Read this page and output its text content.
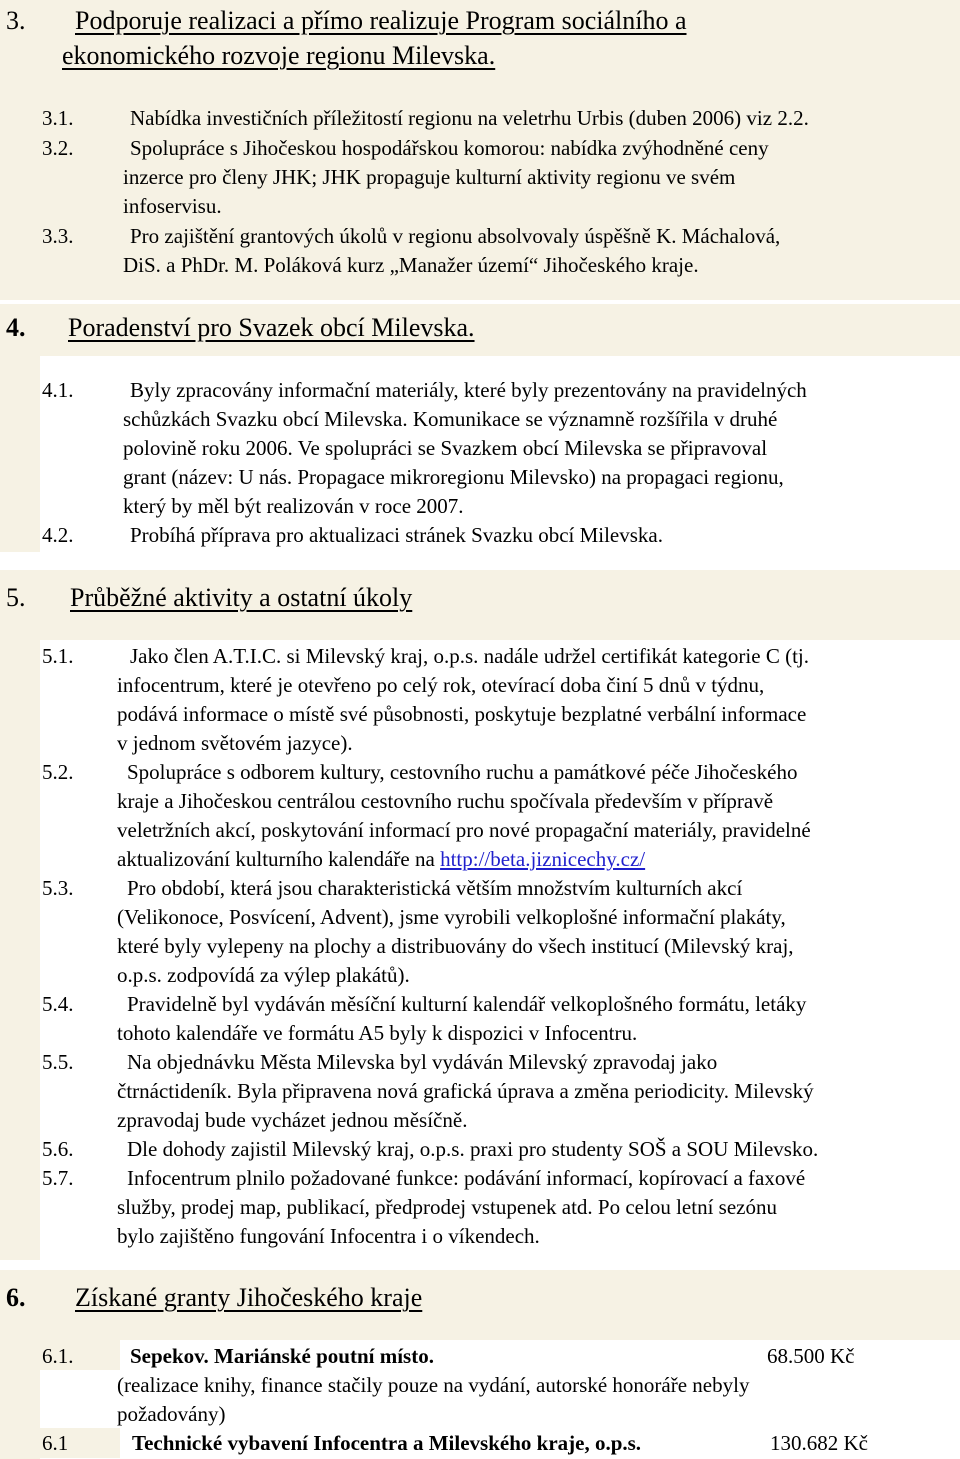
3. Podporuje realizaci a přímo realizuje Program sociálního a
ekonomického rozvoje regionu Milevska.
3.1.	Nabídka investičních příležitostí regionu na veletrhu Urbis (duben 2006) viz 2.2.
3.2.	Spolupráce s Jihočeskou hospodářskou komorou: nabídka zvýhodněné ceny
inzerce pro členy JHK; JHK propaguje kulturní aktivity regionu ve svém
infoservisu.
3.3.	Pro zajištění grantových úkolů v regionu absolvovaly úspěšně K. Máchalová,
DiS. a PhDr. M. Poláková kurz „Manažer území“ Jihočeského kraje.
4. Poradenství pro Svazek obcí Milevska.
4.1.	Byly zpracovány informační materiály, které byly prezentovány na pravidelných
schůzkách Svazku obcí Milevska. Komunikace se významně rozšířila v druhé
polovině roku 2006. Ve spolupráci se Svazkem obcí Milevska se připravoval
grant (název: U nás. Propagace mikroregionu Milevsko) na propagaci regionu,
který by měl být realizován v roce 2007.
4.2.	Probíhá příprava pro aktualizaci stránek Svazku obcí Milevska.
5. Průběžné aktivity a ostatní úkoly
5.1.	Jako člen A.T.I.C. si Milevský kraj, o.p.s. nadále udržel certifikát kategorie C (tj.
infocentrum, které je otevřeno po celý rok, otevírací doba činí 5 dnů v týdnu,
podává informace o místě své působnosti, poskytuje bezplatné verbální informace
v jednom světovém jazyce).
5.2.	Spolupráce s odborem kultury, cestovního ruchu a památkové péče Jihočeského
kraje a Jihočeskou centrálou cestovního ruchu spočívala především v přípravě
veletržních akcí, poskytování informací pro nové propagační materiály, pravidelné
aktualizování kulturního kalendáře na http://beta.jiznicechy.cz/
5.3.	Pro období, která jsou charakteristická větším množstvím kulturních akcí
(Velikonoce, Posvícení, Advent), jsme vyrobili velkoplošné informační plakáty,
které byly vylepeny na plochy a distribuovány do všech institucí (Milevský kraj,
o.p.s. zodpovídá za výlep plakátů).
5.4.	Pravidelně byl vydáván měsíční kulturní kalendář velkoplošného formátu, letáky
tohoto kalendáře ve formátu A5 byly k dispozici v Infocentru.
5.5.	Na objednávku Města Milevska byl vydáván Milevský zpravodaj jako
čtrnáctideník. Byla připravena nová grafická úprava a změna periodicity. Milevský
zpravodaj bude vycházet jednou měsíčně.
5.6.	Dle dohody zajistil Milevský kraj, o.p.s. praxi pro studenty SOŠ a SOU Milevsko.
5.7.	Infocentrum plnilo požadované funkce: podávání informací, kopírovací a faxové
služby, prodej map, publikací, předprodej vstupenek atd. Po celou letní sezónu
bylo zajištěno fungování Infocentra i o víkendech.
6. Získané granty Jihočeského kraje
6.1.	Sepekov. Mariánské poutní místo.	68.500 Kč
(realizace knihy, finance stačily pouze na vydání, autorské honoráře nebyly
požadovány)
6.1	Technické vybavení Infocentra a Milevského kraje, o.p.s.	130.682 Kč
